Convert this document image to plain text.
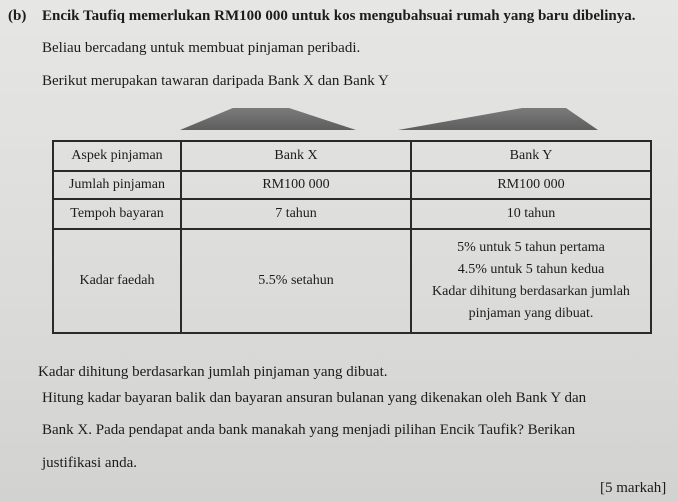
(b) Encik Taufiq memerlukan RM100 000 untuk kos mengubahsuai rumah yang baru dibelinya.
Beliau bercadang untuk membuat pinjaman peribadi.
Berikut merupakan tawaran daripada Bank X dan Bank Y
Aspek pinjaman	Bank X	Bank Y
Jumlah pinjaman	RM100 000	RM100 000
Tempoh bayaran	7 tahun	10 tahun
Kadar faedah	5.5% setahun	5% untuk 5 tahun pertama
4.5% untuk 5 tahun kedua
Kadar dihitung berdasarkan jumlah
pinjaman yang dibuat.
Kadar dihitung berdasarkan jumlah pinjaman yang dibuat.
Hitung kadar bayaran balik dan bayaran ansuran bulanan yang dikenakan oleh Bank Y dan
Bank X. Pada pendapat anda bank manakah yang menjadi pilihan Encik Taufik? Berikan
justifikasi anda.
[5 markah]
